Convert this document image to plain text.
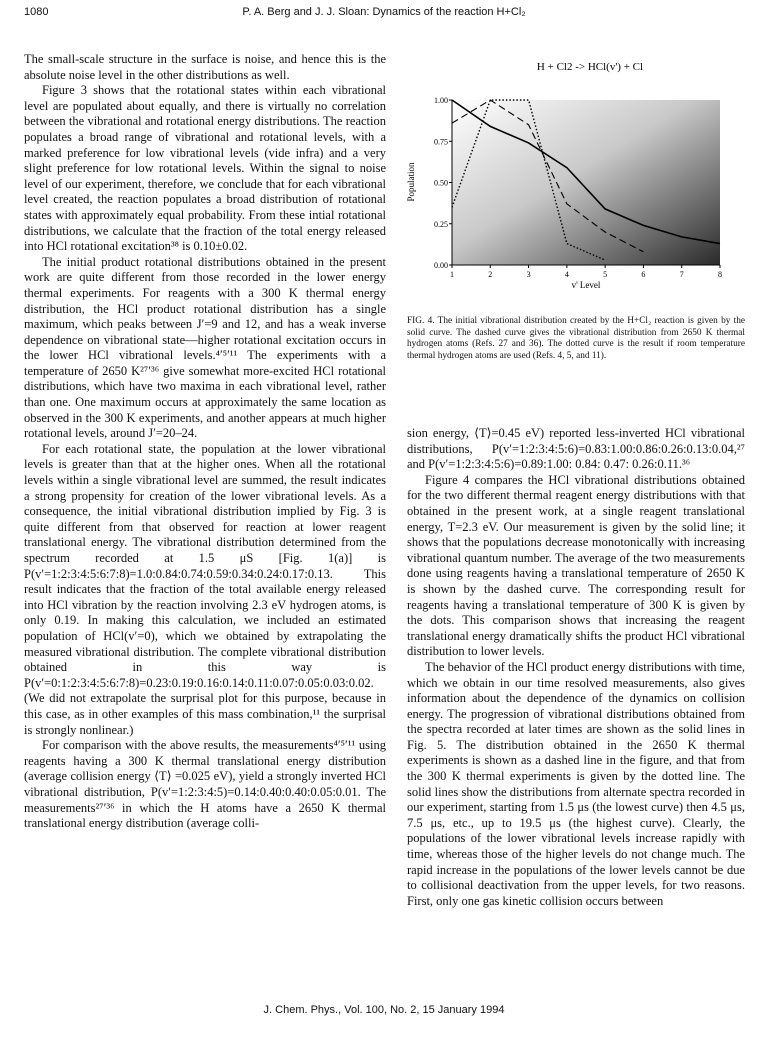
1080	P. A. Berg and J. J. Sloan: Dynamics of the reaction H+Cl₂

The small-scale structure in the surface is noise, and hence this is the absolute noise level in the other distributions as well.

Figure 3 shows that the rotational states within each vibrational level are populated about equally, and there is virtually no correlation between the vibrational and rotational energy distributions. The reaction populates a broad range of vibrational and rotational levels, with a marked preference for low vibrational levels (vide infra) and a very slight preference for low rotational levels. Within the signal to noise level of our experiment, therefore, we conclude that for each vibrational level created, the reaction populates a broad distribution of rotational states with approximately equal probability. From these intial rotational distributions, we calculate that the fraction of the total energy released into HCl rotational excitation³⁸ is 0.10±0.02.

The initial product rotational distributions obtained in the present work are quite different from those recorded in the lower energy thermal experiments. For reagents with a 300 K thermal energy distribution, the HCl product rotational distribution has a single maximum, which peaks between J′=9 and 12, and has a weak inverse dependence on vibrational state—higher rotational excitation occurs in the lower HCl vibrational levels.⁴ʹ⁵ʹ¹¹ The experiments with a temperature of 2650 K²⁷ʹ³⁶ give somewhat more-excited HCl rotational distributions, which have two maxima in each vibrational level, rather than one. One maximum occurs at approximately the same location as observed in the 300 K experiments, and another appears at much higher rotational levels, around J′=20–24.

For each rotational state, the population at the lower vibrational levels is greater than that at the higher ones. When all the rotational levels within a single vibrational level are summed, the result indicates a strong propensity for creation of the lower vibrational levels. As a consequence, the initial vibrational distribution implied by Fig. 3 is quite different from that observed for reaction at lower reagent translational energy. The vibrational distribution determined from the spectrum recorded at 1.5 μS [Fig. 1(a)] is P(v′=1:2:3:4:5:6:7:8)=1.0:0.84:0.74:0.59:0.34:0.24:0.17:0.13. This result indicates that the fraction of the total available energy released into HCl vibration by the reaction involving 2.3 eV hydrogen atoms, is only 0.19. In making this calculation, we included an estimated population of HCl(v′=0), which we obtained by extrapolating the measured vibrational distribution. The complete vibrational distribution obtained in this way is P(v′=0:1:2:3:4:5:6:7:8)=0.23:0.19:0.16:0.14:0.11:0.07:0.05:0.03:0.02. (We did not extrapolate the surprisal plot for this purpose, because in this case, as in other examples of this mass combination,¹¹ the surprisal is strongly nonlinear.)

For comparison with the above results, the measurements⁴ʹ⁵ʹ¹¹ using reagents having a 300 K thermal translational energy distribution (average collision energy ⟨T⟩ =0.025 eV), yield a strongly inverted HCl vibrational distribution, P(v′=1:2:3:4:5)=0.14:0.40:0.40:0.05:0.01. The measurements²⁷ʹ³⁶ in which the H atoms have a 2650 K thermal translational energy distribution (average colli-

H + Cl2 -> HCl(v') + Cl
0.00
0.25
0.50
0.75
1.00
1	2	3	4	5	6	7	8
Population
v' Level
FIG. 4. The initial vibrational distribution created by the H+Cl₂ reaction is given by the solid curve. The dashed curve gives the vibrational distribution from 2650 K thermal hydrogen atoms (Refs. 27 and 36). The dotted curve is the result if room temperature thermal hydrogen atoms are used (Refs. 4, 5, and 11).

sion energy, ⟨T⟩=0.45 eV) reported less-inverted HCl vibrational distributions, P(v′=1:2:3:4:5:6)=0.83:1.00:0.86:0.26:0.13:0.04,²⁷ and P(v′=1:2:3:4:5:6)=0.89:1.00: 0.84: 0.47: 0.26:0.11.³⁶

Figure 4 compares the HCl vibrational distributions obtained for the two different thermal reagent energy distributions with that obtained in the present work, at a single reagent translational energy, T=2.3 eV. Our measurement is given by the solid line; it shows that the populations decrease monotonically with increasing vibrational quantum number. The average of the two measurements done using reagents having a translational temperature of 2650 K is shown by the dashed curve. The corresponding result for reagents having a translational temperature of 300 K is given by the dots. This comparison shows that increasing the reagent translational energy dramatically shifts the product HCl vibrational distribution to lower levels.

The behavior of the HCl product energy distributions with time, which we obtain in our time resolved measurements, also gives information about the dependence of the dynamics on collision energy. The progression of vibrational distributions obtained from the spectra recorded at later times are shown as the solid lines in Fig. 5. The distribution obtained in the 2650 K thermal experiments is shown as a dashed line in the figure, and that from the 300 K thermal experiments is given by the dotted line. The solid lines show the distributions from alternate spectra recorded in our experiment, starting from 1.5 μs (the lowest curve) then 4.5 μs, 7.5 μs, etc., up to 19.5 μs (the highest curve). Clearly, the populations of the lower vibrational levels increase rapidly with time, whereas those of the higher levels do not change much. The rapid increase in the populations of the lower levels cannot be due to collisional deactivation from the upper levels, for two reasons. First, only one gas kinetic collision occurs between

J. Chem. Phys., Vol. 100, No. 2, 15 January 1994
